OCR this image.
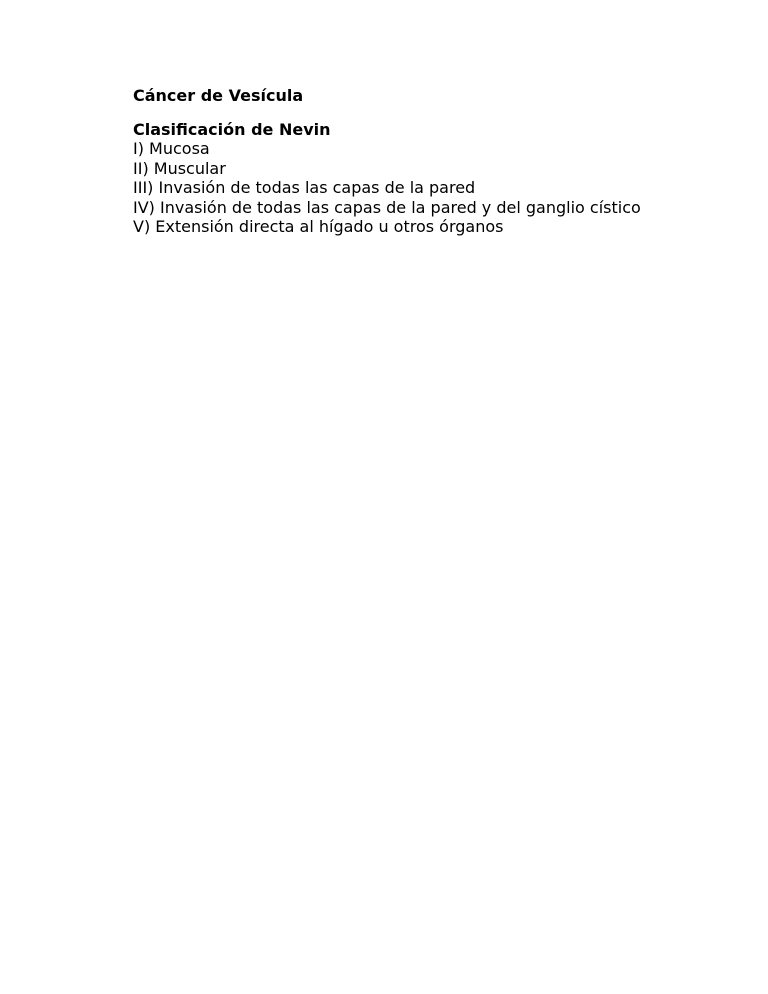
Cáncer de Vesícula
Clasificación de Nevin
I) Mucosa
II) Muscular
III) Invasión de todas las capas de la pared
IV) Invasión de todas las capas de la pared y del ganglio cístico
V) Extensión directa al hígado u otros órganos
